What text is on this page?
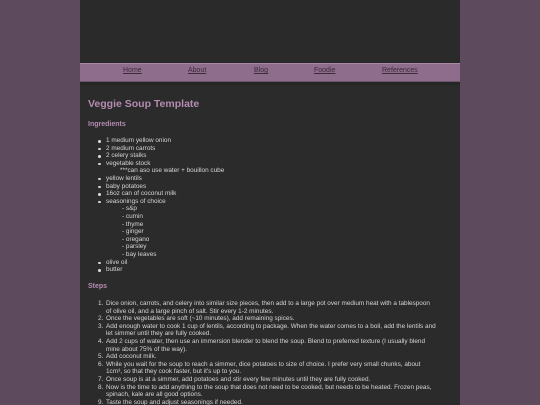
Home	About	Blog	Foodie	References
Veggie Soup Template
Ingredients
1 medium yellow onion
2 medium carrots
2 celery stalks
vegetable stock
***can aso use water + bouillon cube
yellow lentils
baby potatoes
16oz can of coconut milk
seasonings of choice
- s&p
- cumin
- thyme
- ginger
- oregano
- parsley
- bay leaves
olive oil
butter
Steps
1. Dice onion, carrots, and celery into similar size pieces, then add to a large pot over medium heat with a tablespoon of olive oil, and a large pinch of salt. Stir every 1-2 minutes.
2. Once the vegetables are soft (~10 minutes), add remaining spices.
3. Add enough water to cook 1 cup of lentils, according to package. When the water comes to a boil, add the lentils and let simmer until they are fully cooked.
4. Add 2 cups of water, then use an immersion blender to blend the soup. Blend to preferred texture (I usually blend mine about 75% of the way).
5. Add coconut milk.
6. While you wait for the soup to reach a simmer, dice potatoes to size of choice. I prefer very small chunks, about 1cm³, so that they cook faster, but it's up to you.
7. Once soup is at a simmer, add potatoes and stir every few minutes until they are fully cooked.
8. Now is the time to add anything to the soup that does not need to be cooked, but needs to be heated. Frozen peas, spinach, kale are all good options.
9. Taste the soup and adjust seasonings if needed.
